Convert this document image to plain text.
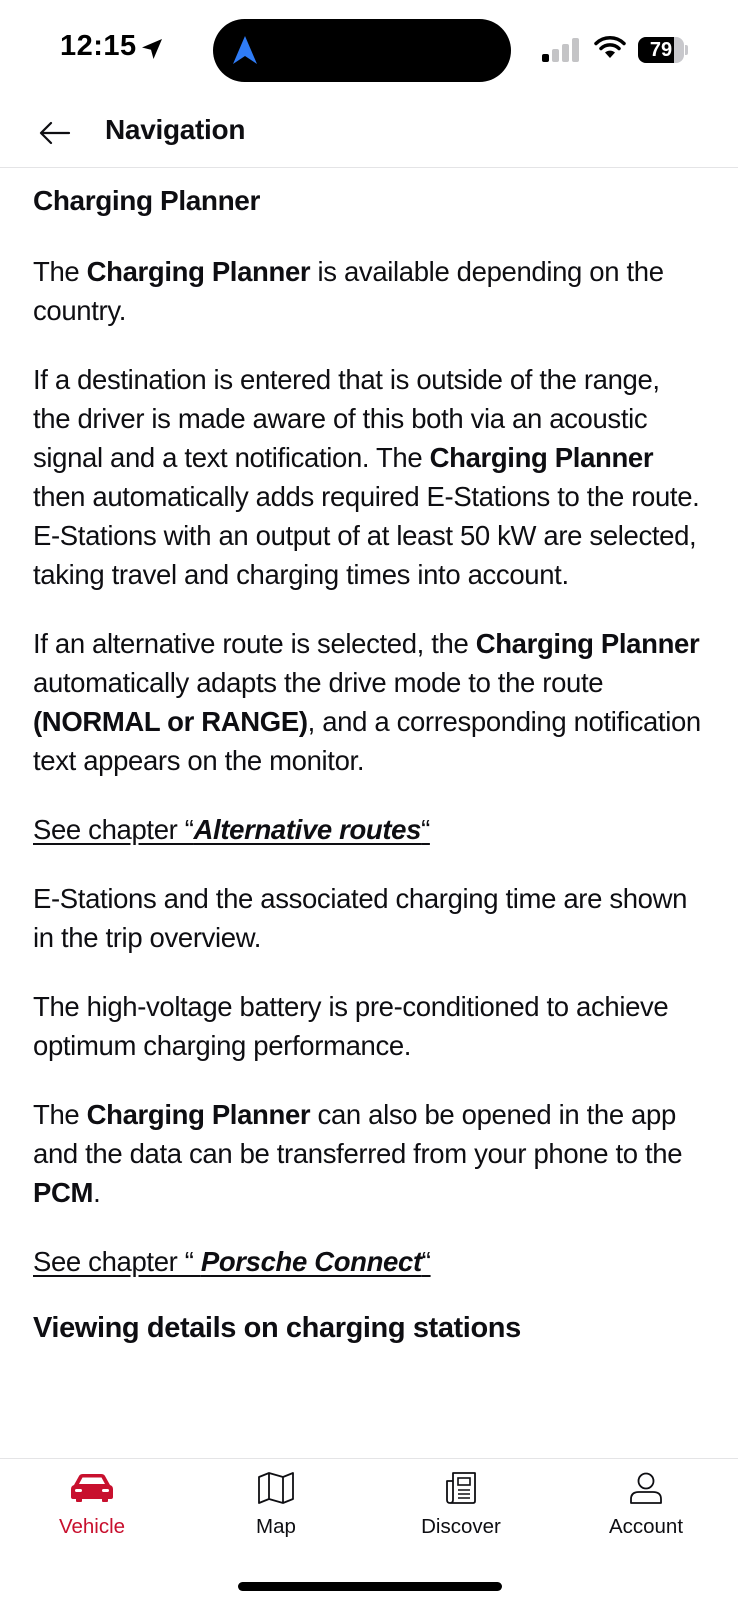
12:15	79
Navigation
Charging Planner

The Charging Planner is available depending on the country.

If a destination is entered that is outside of the range, the driver is made aware of this both via an acoustic signal and a text notification. The Charging Planner then automatically adds required E-Stations to the route. E-Stations with an output of at least 50 kW are selected, taking travel and charging times into account.

If an alternative route is selected, the Charging Planner automatically adapts the drive mode to the route (NORMAL or RANGE), and a corresponding notification text appears on the monitor.

See chapter “Alternative routes“

E-Stations and the associated charging time are shown in the trip overview.

The high-voltage battery is pre-conditioned to achieve optimum charging performance.

The Charging Planner can also be opened in the app and the data can be transferred from your phone to the PCM.

See chapter “ Porsche Connect“
Viewing details on charging stations
Vehicle	Map	Discover	Account
